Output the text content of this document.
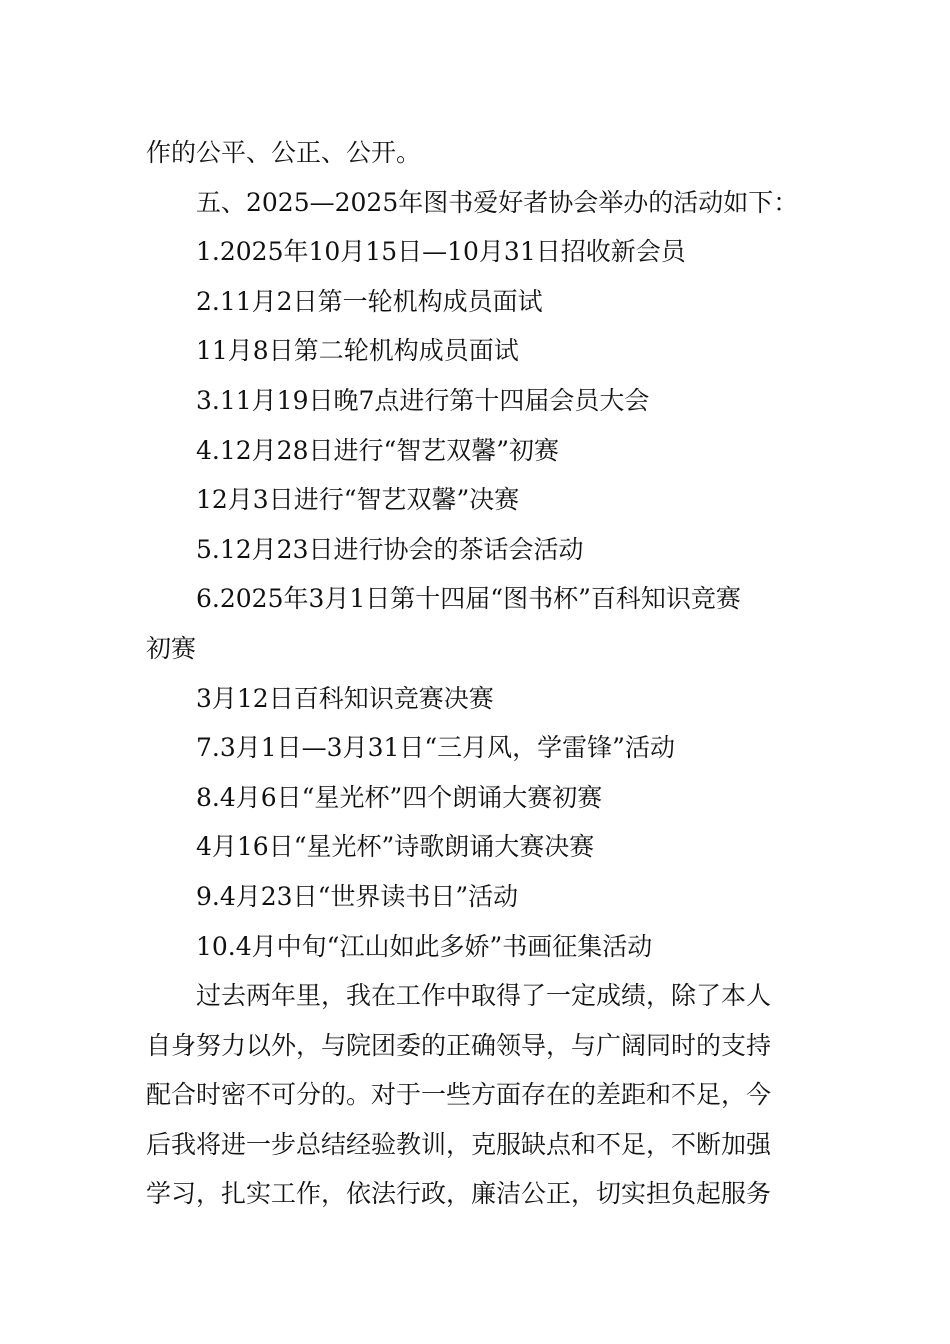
作的公平、公正、公开。
五、2025—2025年图书爱好者协会举办的活动如下：
1.2025年10月15日—10月31日招收新会员
2.11月2日第一轮机构成员面试
11月8日第二轮机构成员面试
3.11月19日晚7点进行第十四届会员大会
4.12月28日进行“智艺双馨”初赛
12月3日进行“智艺双馨”决赛
5.12月23日进行协会的茶话会活动
6.2025年3月1日第十四届“图书杯”百科知识竞赛
初赛
3月12日百科知识竞赛决赛
7.3月1日—3月31日“三月风，学雷锋”活动
8.4月6日“星光杯”四个朗诵大赛初赛
4月16日“星光杯”诗歌朗诵大赛决赛
9.4月23日“世界读书日”活动
10.4月中旬“江山如此多娇”书画征集活动
过去两年里，我在工作中取得了一定成绩，除了本人
自身努力以外，与院团委的正确领导，与广阔同时的支持
配合时密不可分的。对于一些方面存在的差距和不足，今
后我将进一步总结经验教训，克服缺点和不足，不断加强
学习，扎实工作，依法行政，廉洁公正，切实担负起服务
